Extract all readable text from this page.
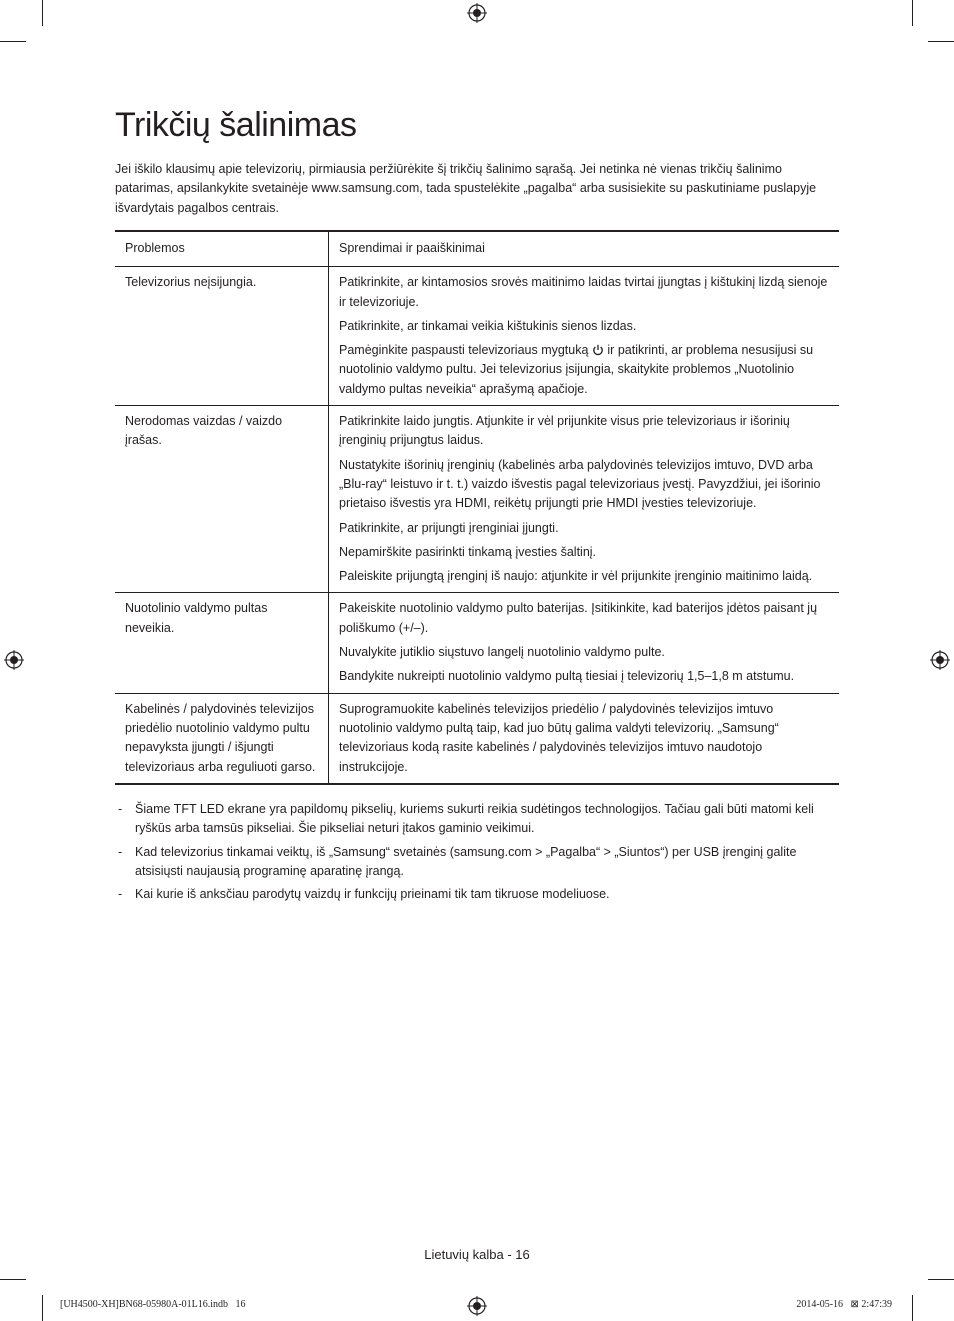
Trikčių šalinimas

Jei iškilo klausimų apie televizorių, pirmiausia peržiūrėkite šį trikčių šalinimo sąrašą. Jei netinka nė vienas trikčių šalinimo patarimas, apsilankykite svetainėje www.samsung.com, tada spustelėkite „pagalba“ arba susisiekite su paskutiniame puslapyje išvardytais pagalbos centrais.

Problemos	Sprendimai ir paaiškinimai
Televizorius neįsijungia.	Patikrinkite, ar kintamosios srovės maitinimo laidas tvirtai įjungtas į kištukinį lizdą sienoje ir televizoriuje.

Patikrinkite, ar tinkamai veikia kištukinis sienos lizdas.

Pamėginkite paspausti televizoriaus mygtuką ir patikrinti, ar problema nesusijusi su nuotolinio valdymo pultu. Jei televizorius įsijungia, skaitykite problemos „Nuotolinio valdymo pultas neveikia“ aprašymą apačioje.

Nerodomas vaizdas / vaizdo įrašas.	Patikrinkite laido jungtis. Atjunkite ir vėl prijunkite visus prie televizoriaus ir išorinių įrenginių prijungtus laidus.

Nustatykite išorinių įrenginių (kabelinės arba palydovinės televizijos imtuvo, DVD arba „Blu-ray“ leistuvo ir t. t.) vaizdo išvestis pagal televizoriaus įvestį. Pavyzdžiui, jei išorinio prietaiso išvestis yra HDMI, reikėtų prijungti prie HMDI įvesties televizoriuje.

Patikrinkite, ar prijungti įrenginiai įjungti.

Nepamirškite pasirinkti tinkamą įvesties šaltinį.

Paleiskite prijungtą įrenginį iš naujo: atjunkite ir vėl prijunkite įrenginio maitinimo laidą.

Nuotolinio valdymo pultas neveikia.	Pakeiskite nuotolinio valdymo pulto baterijas. Įsitikinkite, kad baterijos įdėtos paisant jų poliškumo (+/–).

Nuvalykite jutiklio siųstuvo langelį nuotolinio valdymo pulte.

Bandykite nukreipti nuotolinio valdymo pultą tiesiai į televizorių 1,5–1,8 m atstumu.

Kabelinės / palydovinės televizijos priedėlio nuotolinio valdymo pultu nepavyksta įjungti / išjungti televizoriaus arba reguliuoti garso.	Suprogramuokite kabelinės televizijos priedėlio / palydovinės televizijos imtuvo nuotolinio valdymo pultą taip, kad juo būtų galima valdyti televizorių. „Samsung“ televizoriaus kodą rasite kabelinės / palydovinės televizijos imtuvo naudotojo instrukcijoje.

- Šiame TFT LED ekrane yra papildomų pikselių, kuriems sukurti reikia sudėtingos technologijos. Tačiau gali būti matomi keli ryškūs arba tamsūs pikseliai. Šie pikseliai neturi įtakos gaminio veikimui.
- Kad televizorius tinkamai veiktų, iš „Samsung“ svetainės (samsung.com > „Pagalba“ > „Siuntos“) per USB įrenginį galite atsisiųsti naujausią programinę aparatinę įrangą.
- Kai kurie iš anksčiau parodytų vaizdų ir funkcijų prieinami tik tam tikruose modeliuose.
Lietuvių kalba - 16
[UH4500-XH]BN68-05980A-01L16.indb   16	2014-05-16   ⊠ 2:47:39
